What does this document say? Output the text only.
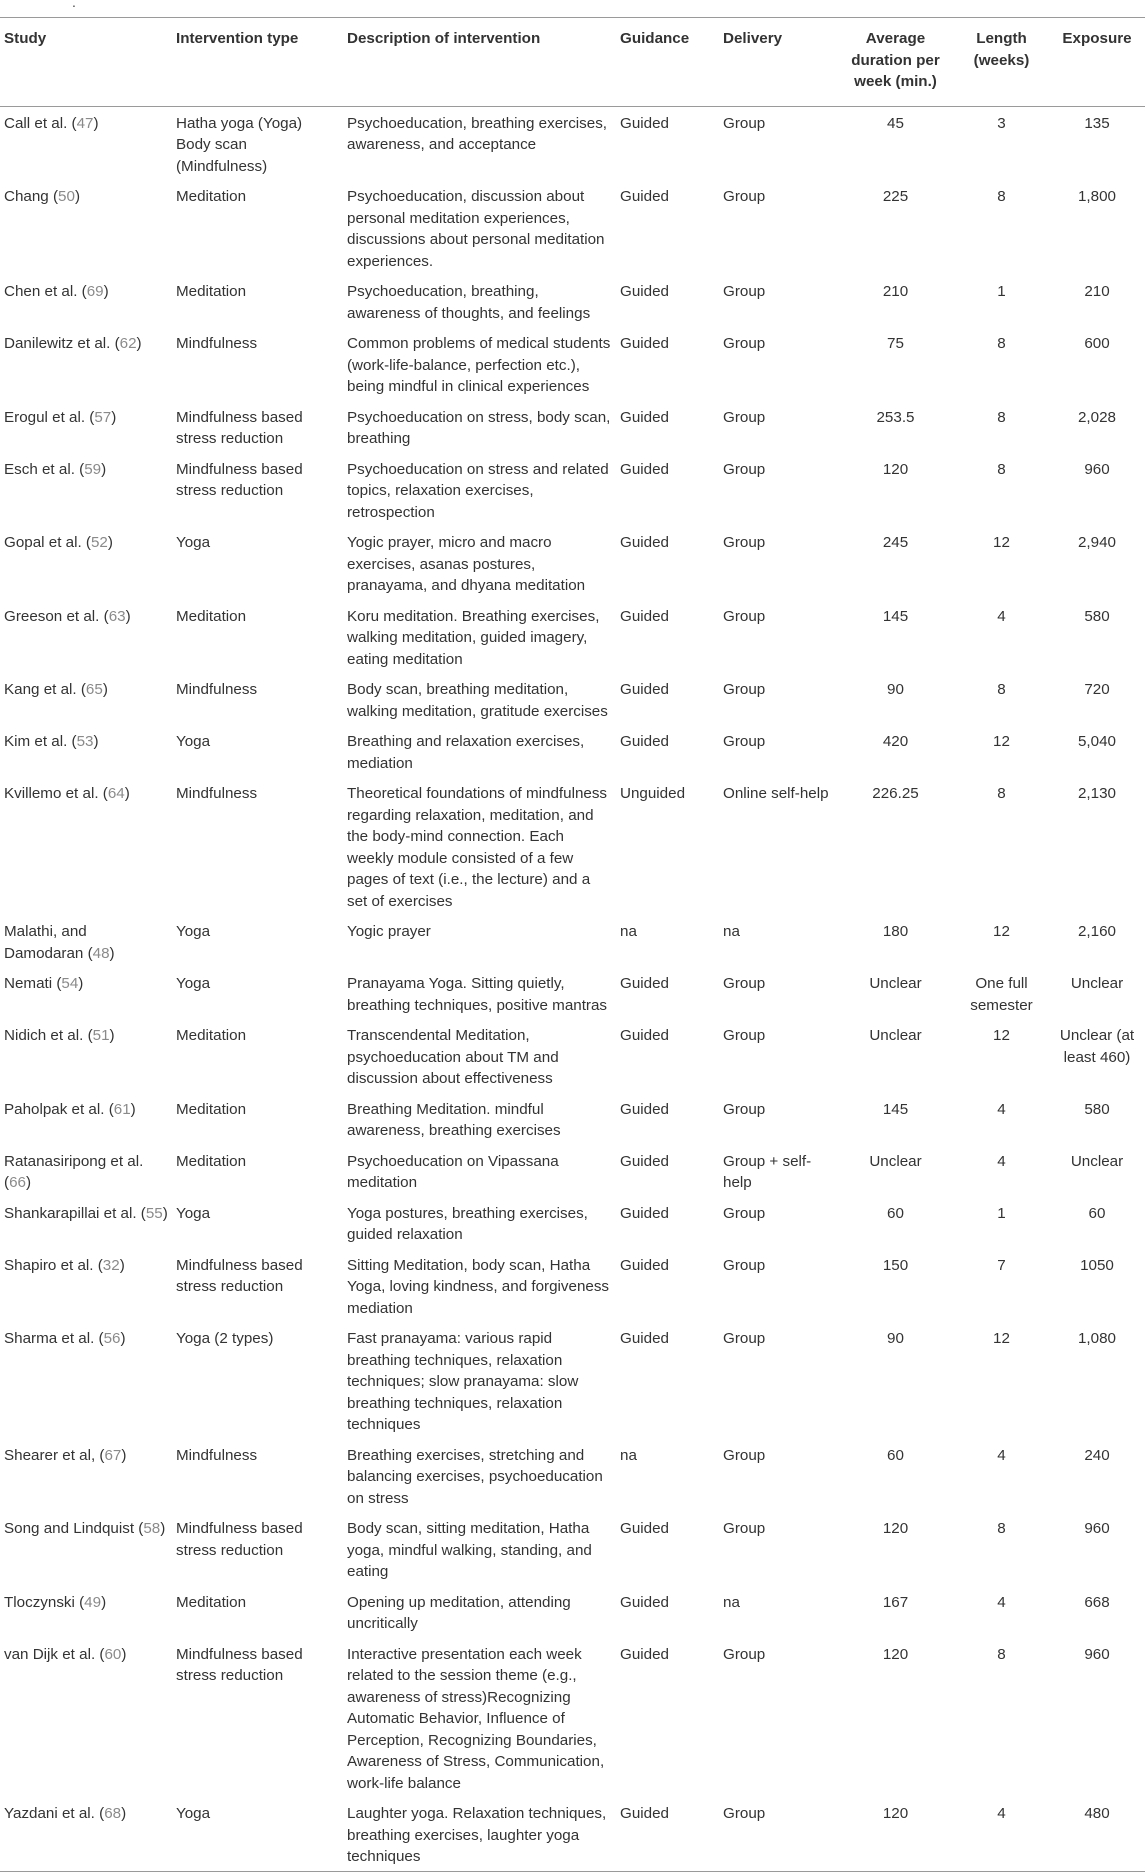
.
Study	Intervention type	Description of intervention	Guidance	Delivery	Average duration per week (min.)	Length (weeks)	Exposure
Call et al. (47)	Hatha yoga (Yoga) Body scan (Mindfulness)	Psychoeducation, breathing exercises, awareness, and acceptance	Guided	Group	45	3	135
Chang (50)	Meditation	Psychoeducation, discussion about personal meditation experiences, discussions about personal meditation experiences.	Guided	Group	225	8	1,800
Chen et al. (69)	Meditation	Psychoeducation, breathing, awareness of thoughts, and feelings	Guided	Group	210	1	210
Danilewitz et al. (62)	Mindfulness	Common problems of medical students (work-life-balance, perfection etc.), being mindful in clinical experiences	Guided	Group	75	8	600
Erogul et al. (57)	Mindfulness based stress reduction	Psychoeducation on stress, body scan, breathing	Guided	Group	253.5	8	2,028
Esch et al. (59)	Mindfulness based stress reduction	Psychoeducation on stress and related topics, relaxation exercises, retrospection	Guided	Group	120	8	960
Gopal et al. (52)	Yoga	Yogic prayer, micro and macro exercises, asanas postures, pranayama, and dhyana meditation	Guided	Group	245	12	2,940
Greeson et al. (63)	Meditation	Koru meditation. Breathing exercises, walking meditation, guided imagery, eating meditation	Guided	Group	145	4	580
Kang et al. (65)	Mindfulness	Body scan, breathing meditation, walking meditation, gratitude exercises	Guided	Group	90	8	720
Kim et al. (53)	Yoga	Breathing and relaxation exercises, mediation	Guided	Group	420	12	5,040
Kvillemo et al. (64)	Mindfulness	Theoretical foundations of mindfulness regarding relaxation, meditation, and the body-mind connection. Each weekly module consisted of a few pages of text (i.e., the lecture) and a set of exercises	Unguided	Online self-help	226.25	8	2,130
Malathi, and Damodaran (48)	Yoga	Yogic prayer	na	na	180	12	2,160
Nemati (54)	Yoga	Pranayama Yoga. Sitting quietly, breathing techniques, positive mantras	Guided	Group	Unclear	One full semester	Unclear
Nidich et al. (51)	Meditation	Transcendental Meditation, psychoeducation about TM and discussion about effectiveness	Guided	Group	Unclear	12	Unclear (at least 460)
Paholpak et al. (61)	Meditation	Breathing Meditation. mindful awareness, breathing exercises	Guided	Group	145	4	580
Ratanasiripong et al. (66)	Meditation	Psychoeducation on Vipassana meditation	Guided	Group + self-help	Unclear	4	Unclear
Shankarapillai et al. (55)	Yoga	Yoga postures, breathing exercises, guided relaxation	Guided	Group	60	1	60
Shapiro et al. (32)	Mindfulness based stress reduction	Sitting Meditation, body scan, Hatha Yoga, loving kindness, and forgiveness mediation	Guided	Group	150	7	1050
Sharma et al. (56)	Yoga (2 types)	Fast pranayama: various rapid breathing techniques, relaxation techniques; slow pranayama: slow breathing techniques, relaxation techniques	Guided	Group	90	12	1,080
Shearer et al, (67)	Mindfulness	Breathing exercises, stretching and balancing exercises, psychoeducation on stress	na	Group	60	4	240
Song and Lindquist (58)	Mindfulness based stress reduction	Body scan, sitting meditation, Hatha yoga, mindful walking, standing, and eating	Guided	Group	120	8	960
Tloczynski (49)	Meditation	Opening up meditation, attending uncritically	Guided	na	167	4	668
van Dijk et al. (60)	Mindfulness based stress reduction	Interactive presentation each week related to the session theme (e.g., awareness of stress)Recognizing Automatic Behavior, Influence of Perception, Recognizing Boundaries, Awareness of Stress, Communication, work-life balance	Guided	Group	120	8	960
Yazdani et al. (68)	Yoga	Laughter yoga. Relaxation techniques, breathing exercises, laughter yoga techniques	Guided	Group	120	4	480
